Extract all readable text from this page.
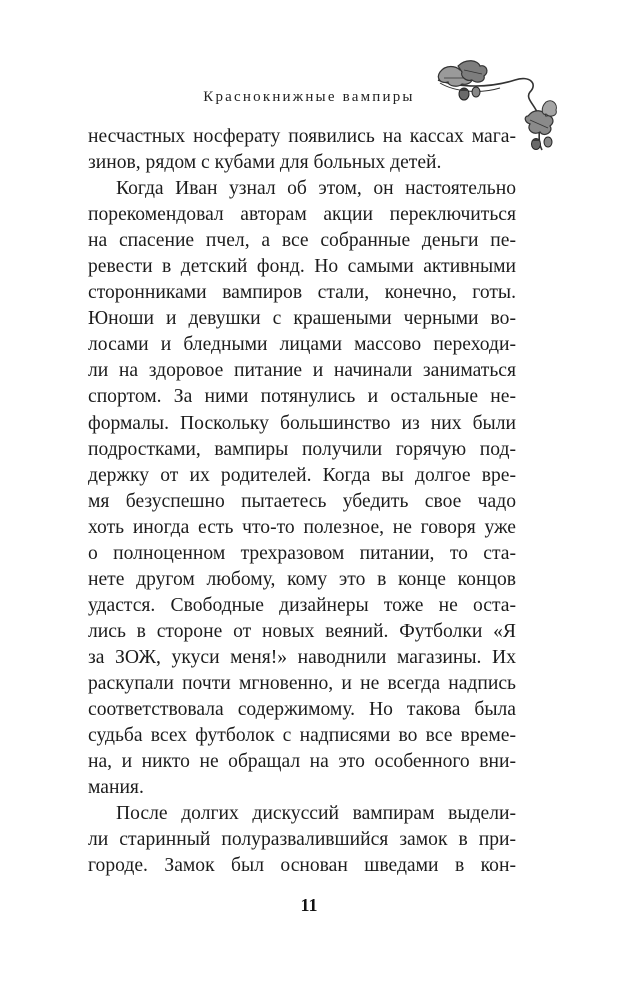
Краснокнижные вампиры
несчастных носферату появились на кассах мага-
зинов, рядом с кубами для больных детей.
Когда Иван узнал об этом, он настоятельно
порекомендовал авторам акции переключиться
на спасение пчел, а все собранные деньги пе-
ревести в детский фонд. Но самыми активными
сторонниками вампиров стали, конечно, готы.
Юноши и девушки с крашеными черными во-
лосами и бледными лицами массово переходи-
ли на здоровое питание и начинали заниматься
спортом. За ними потянулись и остальные не-
формалы. Поскольку большинство из них были
подростками, вампиры получили горячую под-
держку от их родителей. Когда вы долгое вре-
мя безуспешно пытаетесь убедить свое чадо
хоть иногда есть что-то полезное, не говоря уже
о полноценном трехразовом питании, то ста-
нете другом любому, кому это в конце концов
удастся. Свободные дизайнеры тоже не оста-
лись в стороне от новых веяний. Футболки «Я
за ЗОЖ, укуси меня!» наводнили магазины. Их
раскупали почти мгновенно, и не всегда надпись
соответствовала содержимому. Но такова была
судьба всех футболок с надписями во все време-
на, и никто не обращал на это особенного вни-
мания.
После долгих дискуссий вампирам выдели-
ли старинный полуразвалившийся замок в при-
городе. Замок был основан шведами в кон-
11
